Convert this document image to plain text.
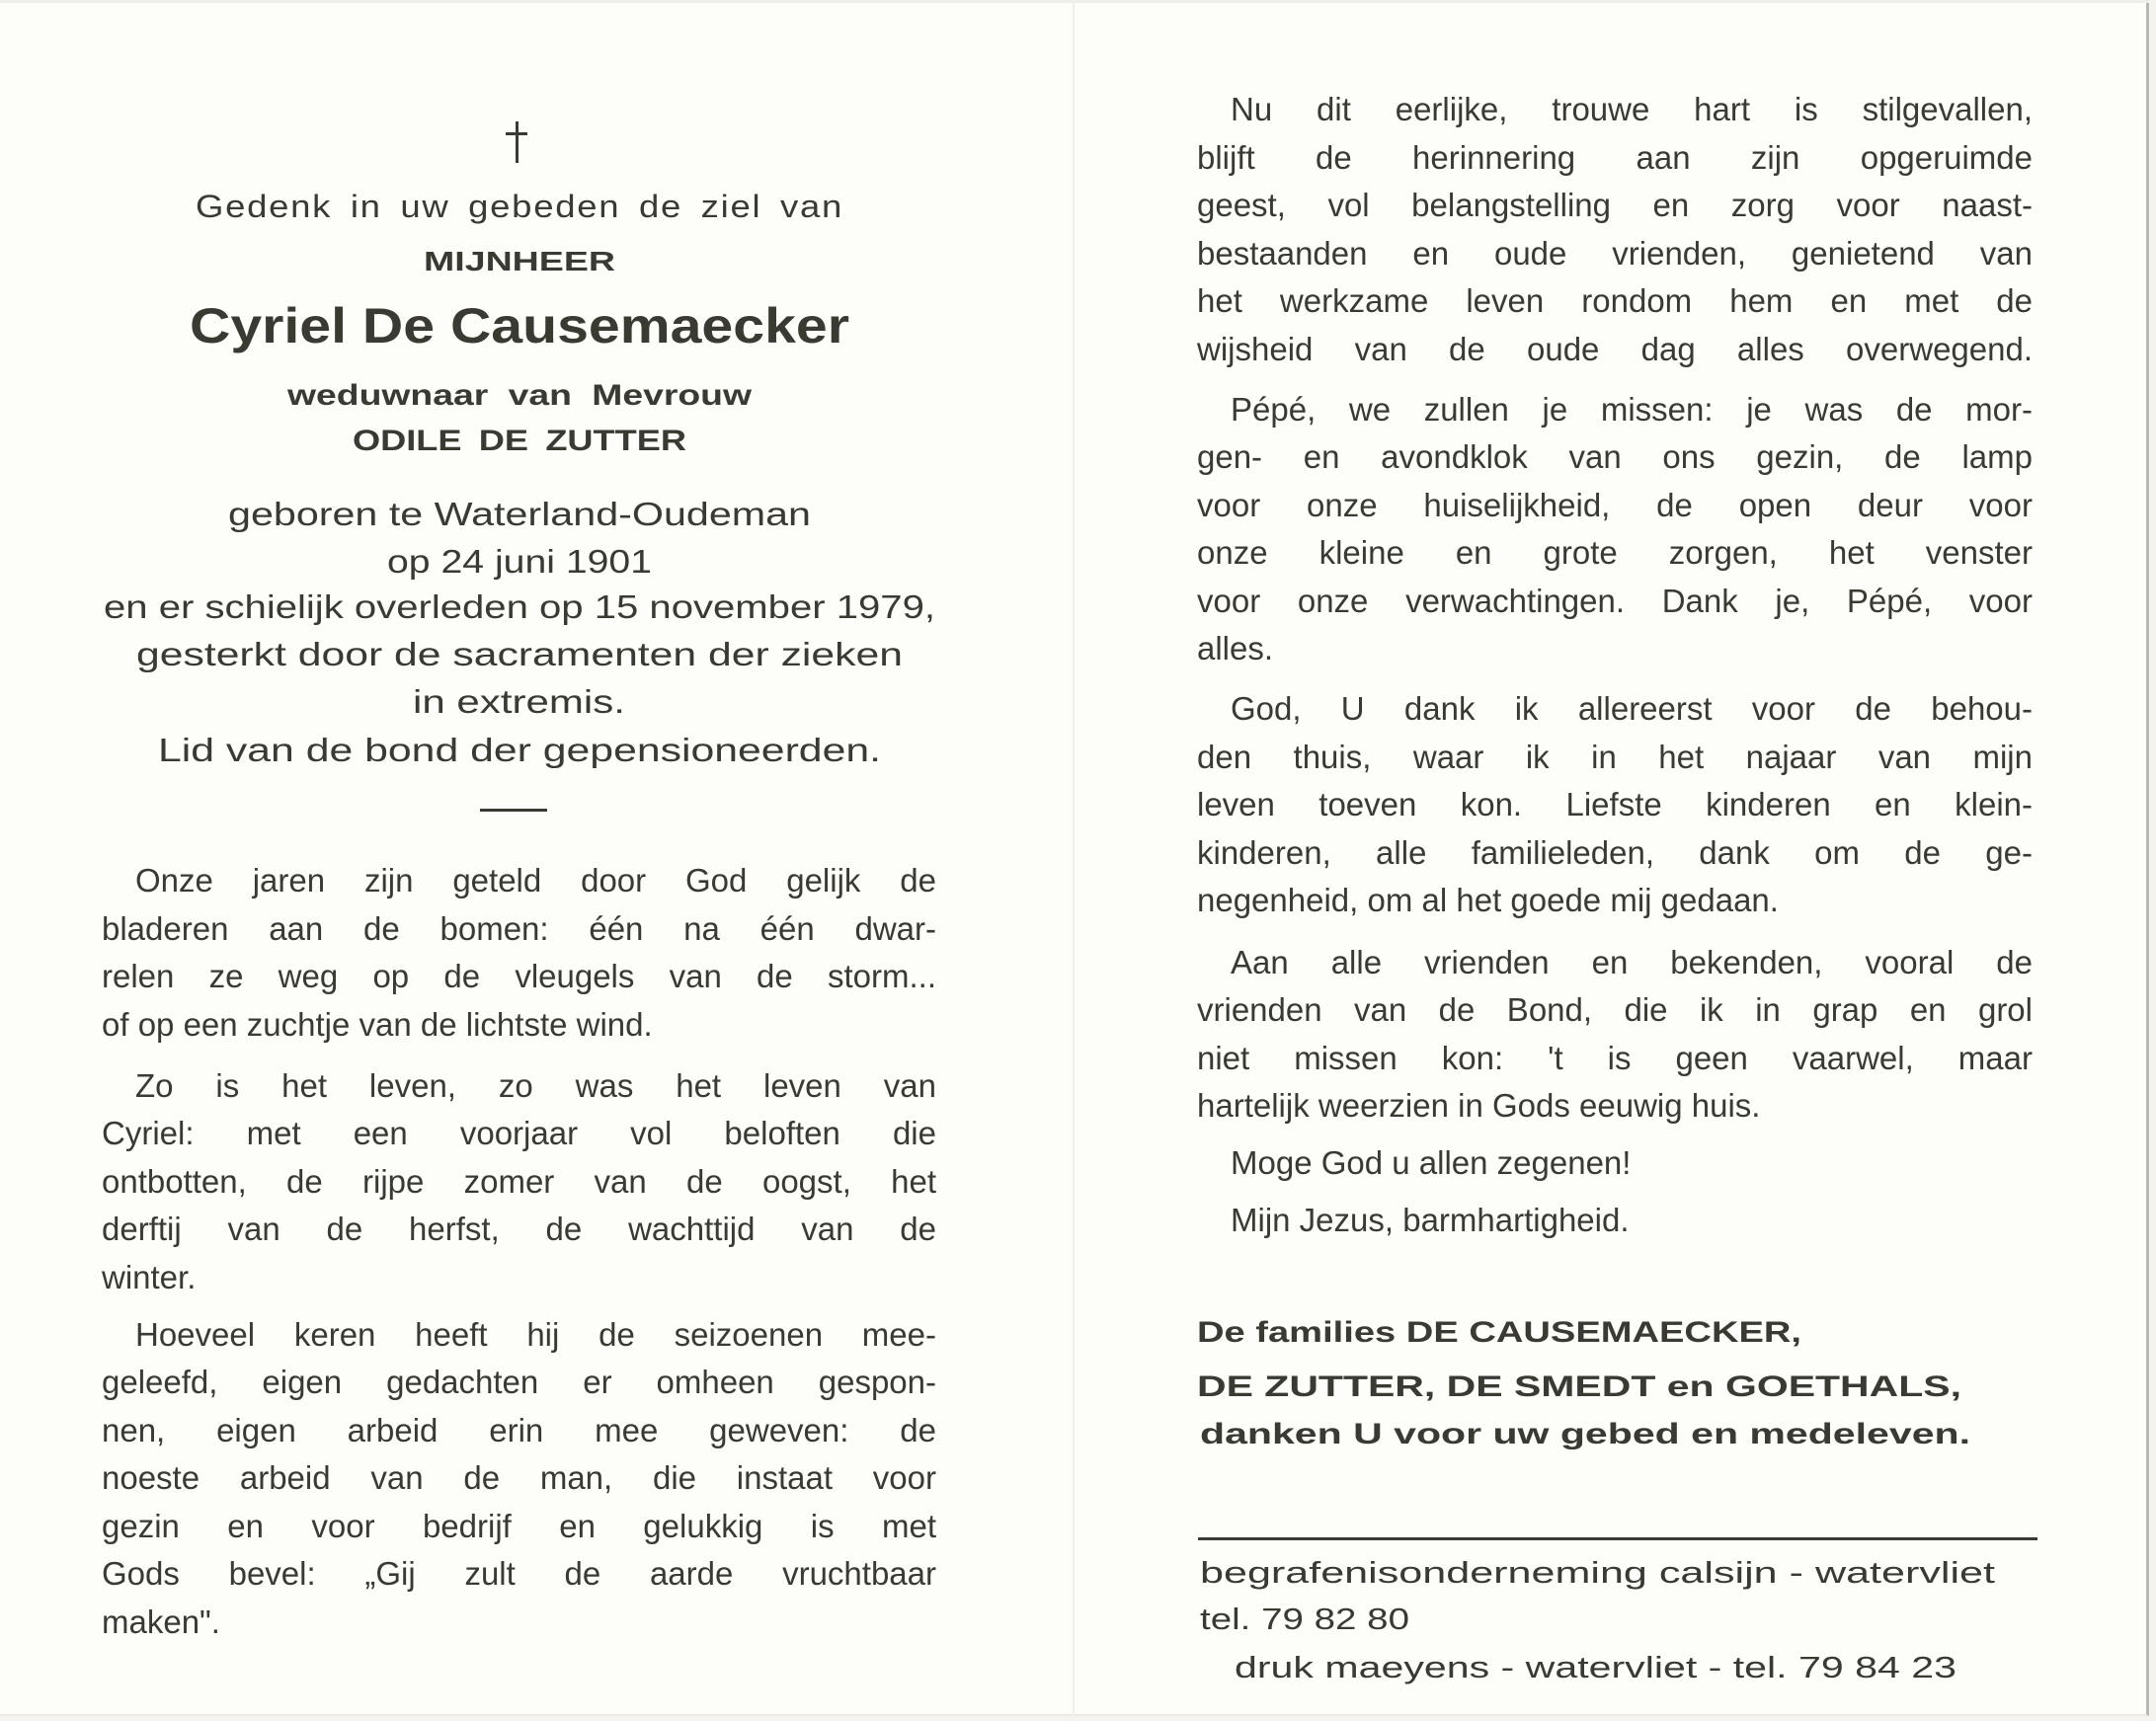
Gedenk in uw gebeden de ziel van
MIJNHEER
Cyriel De Causemaecker
weduwnaar van Mevrouw
ODILE DE ZUTTER
geboren te Waterland-Oudeman
op 24 juni 1901
en er schielijk overleden op 15 november 1979,
gesterkt door de sacramenten der zieken
in extremis.
Lid van de bond der gepensioneerden.
Onze jaren zijn geteld door God gelijk de
bladeren aan de bomen: één na één dwar-
relen ze weg op de vleugels van de storm...
of op een zuchtje van de lichtste wind.
Zo is het leven, zo was het leven van
Cyriel: met een voorjaar vol beloften die
ontbotten, de rijpe zomer van de oogst, het
derftij van de herfst, de wachttijd van de
winter.
Hoeveel keren heeft hij de seizoenen mee-
geleefd, eigen gedachten er omheen gespon-
nen, eigen arbeid erin mee geweven: de
noeste arbeid van de man, die instaat voor
gezin en voor bedrijf en gelukkig is met
Gods bevel: „Gij zult de aarde vruchtbaar
maken".
Nu dit eerlijke, trouwe hart is stilgevallen,
blijft de herinnering aan zijn opgeruimde
geest, vol belangstelling en zorg voor naast-
bestaanden en oude vrienden, genietend van
het werkzame leven rondom hem en met de
wijsheid van de oude dag alles overwegend.
Pépé, we zullen je missen: je was de mor-
gen- en avondklok van ons gezin, de lamp
voor onze huiselijkheid, de open deur voor
onze kleine en grote zorgen, het venster
voor onze verwachtingen. Dank je, Pépé, voor
alles.
God, U dank ik allereerst voor de behou-
den thuis, waar ik in het najaar van mijn
leven toeven kon. Liefste kinderen en klein-
kinderen, alle familieleden, dank om de ge-
negenheid, om al het goede mij gedaan.
Aan alle vrienden en bekenden, vooral de
vrienden van de Bond, die ik in grap en grol
niet missen kon: 't is geen vaarwel, maar
hartelijk weerzien in Gods eeuwig huis.
Moge God u allen zegenen!
Mijn Jezus, barmhartigheid.
De families DE CAUSEMAECKER,
DE ZUTTER, DE SMEDT en GOETHALS,
danken U voor uw gebed en medeleven.
begrafenisonderneming calsijn - watervliet
tel. 79 82 80
druk maeyens - watervliet - tel. 79 84 23
